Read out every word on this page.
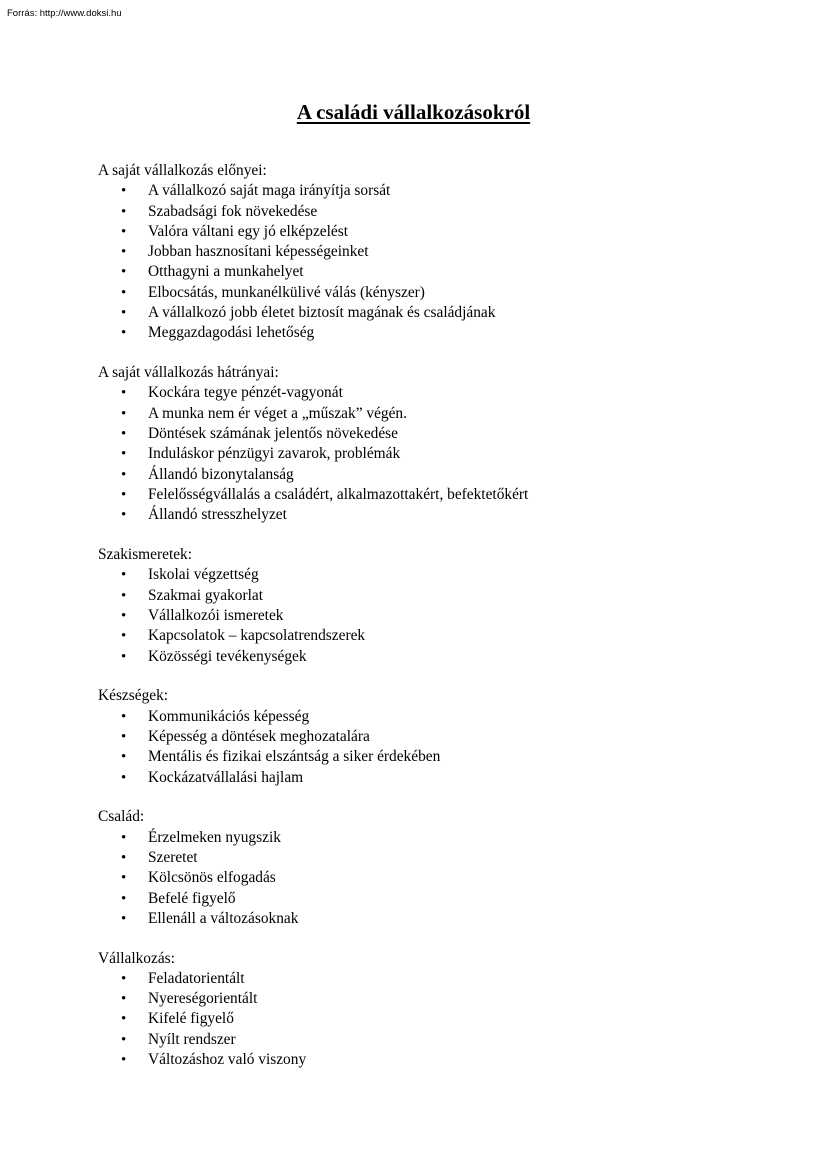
Forrás: http://www.doksi.hu
A családi vállalkozásokról
A saját vállalkozás előnyei:
• A vállalkozó saját maga irányítja sorsát
• Szabadsági fok növekedése
• Valóra váltani egy jó elképzelést
• Jobban hasznosítani képességeinket
• Otthagyni a munkahelyet
• Elbocsátás, munkanélkülivé válás (kényszer)
• A vállalkozó jobb életet biztosít magának és családjának
• Meggazdagodási lehetőség
A saját vállalkozás hátrányai:
• Kockára tegye pénzét-vagyonát
• A munka nem ér véget a „műszak” végén.
• Döntések számának jelentős növekedése
• Induláskor pénzügyi zavarok, problémák
• Állandó bizonytalanság
• Felelősségvállalás a családért, alkalmazottakért, befektetőkért
• Állandó stresszhelyzet
Szakismeretek:
• Iskolai végzettség
• Szakmai gyakorlat
• Vállalkozói ismeretek
• Kapcsolatok – kapcsolatrendszerek
• Közösségi tevékenységek
Készségek:
• Kommunikációs képesség
• Képesség a döntések meghozatalára
• Mentális és fizikai elszántság a siker érdekében
• Kockázatvállalási hajlam
Család:
• Érzelmeken nyugszik
• Szeretet
• Kölcsönös elfogadás
• Befelé figyelő
• Ellenáll a változásoknak
Vállalkozás:
• Feladatorientált
• Nyereségorientált
• Kifelé figyelő
• Nyílt rendszer
• Változáshoz való viszony
